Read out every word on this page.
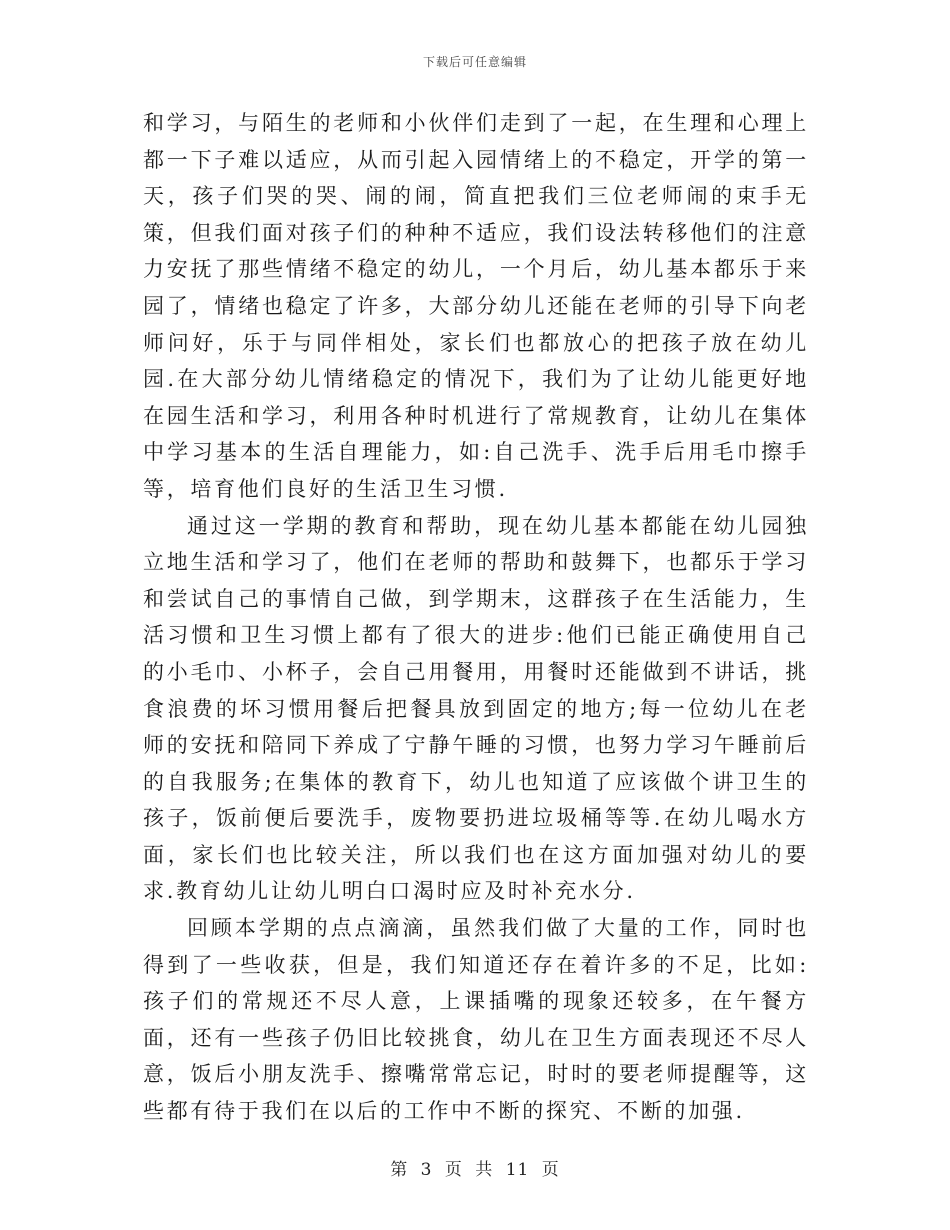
下载后可任意编辑

和学习，与陌生的老师和小伙伴们走到了一起，在生理和心理上都一下子难以适应，从而引起入园情绪上的不稳定，开学的第一天，孩子们哭的哭、闹的闹，简直把我们三位老师闹的束手无策，但我们面对孩子们的种种不适应，我们设法转移他们的注意力安抚了那些情绪不稳定的幼儿，一个月后，幼儿基本都乐于来园了，情绪也稳定了许多，大部分幼儿还能在老师的引导下向老师问好，乐于与同伴相处，家长们也都放心的把孩子放在幼儿园.在大部分幼儿情绪稳定的情况下，我们为了让幼儿能更好地在园生活和学习，利用各种时机进行了常规教育，让幼儿在集体中学习基本的生活自理能力，如:自己洗手、洗手后用毛巾擦手等，培育他们良好的生活卫生习惯.

通过这一学期的教育和帮助，现在幼儿基本都能在幼儿园独立地生活和学习了，他们在老师的帮助和鼓舞下，也都乐于学习和尝试自己的事情自己做，到学期末，这群孩子在生活能力，生活习惯和卫生习惯上都有了很大的进步:他们已能正确使用自己的小毛巾、小杯子，会自己用餐用，用餐时还能做到不讲话，挑食浪费的坏习惯用餐后把餐具放到固定的地方;每一位幼儿在老师的安抚和陪同下养成了宁静午睡的习惯，也努力学习午睡前后的自我服务;在集体的教育下，幼儿也知道了应该做个讲卫生的孩子，饭前便后要洗手，废物要扔进垃圾桶等等.在幼儿喝水方面，家长们也比较关注，所以我们也在这方面加强对幼儿的要求.教育幼儿让幼儿明白口渴时应及时补充水分.

回顾本学期的点点滴滴，虽然我们做了大量的工作，同时也得到了一些收获，但是，我们知道还存在着许多的不足，比如:孩子们的常规还不尽人意，上课插嘴的现象还较多，在午餐方面，还有一些孩子仍旧比较挑食，幼儿在卫生方面表现还不尽人意，饭后小朋友洗手、擦嘴常常忘记，时时的要老师提醒等，这些都有待于我们在以后的工作中不断的探究、不断的加强.

第 3 页 共 11 页
